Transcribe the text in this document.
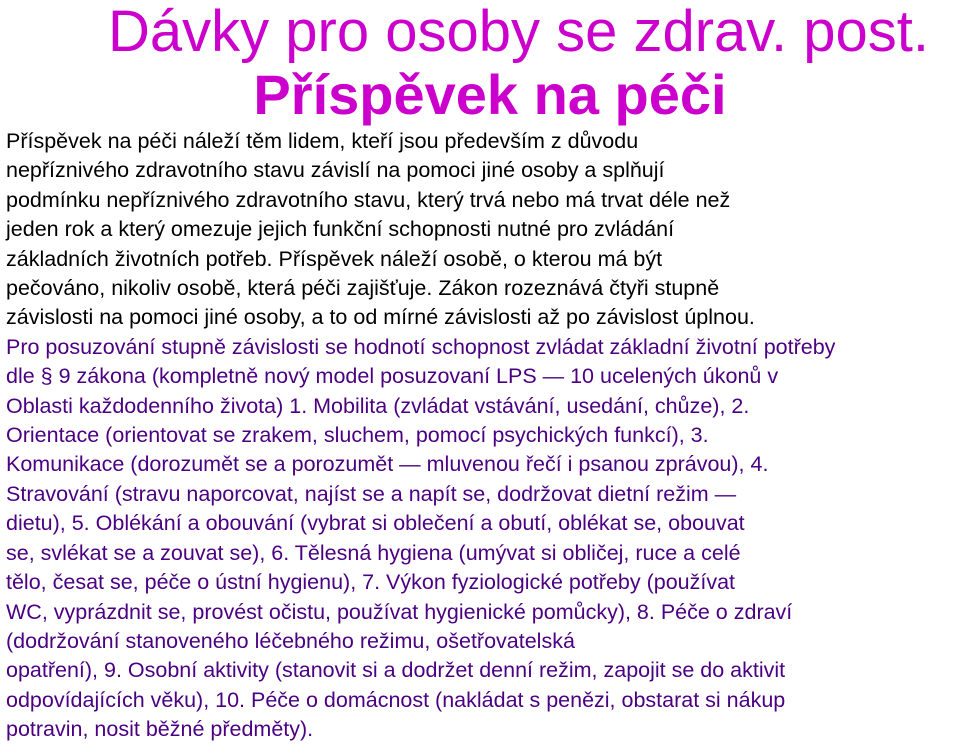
Dávky pro osoby se zdrav. post.
Příspěvek na péči
Příspěvek na péči náleží těm lidem, kteří jsou především z důvodu
nepříznivého zdravotního stavu závislí na pomoci jiné osoby a splňují
podmínku nepříznivého zdravotního stavu, který trvá nebo má trvat déle než
jeden rok a který omezuje jejich funkční schopnosti nutné pro zvládání
základních životních potřeb. Příspěvek náleží osobě, o kterou má být
pečováno, nikoliv osobě, která péči zajišťuje. Zákon rozeznává čtyři stupně
závislosti na pomoci jiné osoby, a to od mírné závislosti až po závislost úplnou.
Pro posuzování stupně závislosti se hodnotí schopnost zvládat základní životní potřeby
dle § 9 zákona (kompletně nový model posuzovaní LPS — 10 ucelených úkonů v
Oblasti každodenního života) 1. Mobilita (zvládat vstávání, usedání, chůze), 2.
Orientace (orientovat se zrakem, sluchem, pomocí psychických funkcí), 3.
Komunikace (dorozumět se a porozumět — mluvenou řečí i psanou zprávou), 4.
Stravování (stravu naporcovat, najíst se a napít se, dodržovat dietní režim —
dietu), 5. Oblékání a obouvání (vybrat si oblečení a obutí, oblékat se, obouvat
se, svlékat se a zouvat se), 6. Tělesná hygiena (umývat si obličej, ruce a celé
tělo, česat se, péče o ústní hygienu), 7. Výkon fyziologické potřeby (používat
WC, vyprázdnit se, provést očistu, používat hygienické pomůcky), 8. Péče o zdraví
(dodržování stanoveného léčebného režimu, ošetřovatelská
opatření), 9. Osobní aktivity (stanovit si a dodržet denní režim, zapojit se do aktivit
odpovídajících věku), 10. Péče o domácnost (nakládat s penězi, obstarat si nákup
potravin, nosit běžné předměty).
